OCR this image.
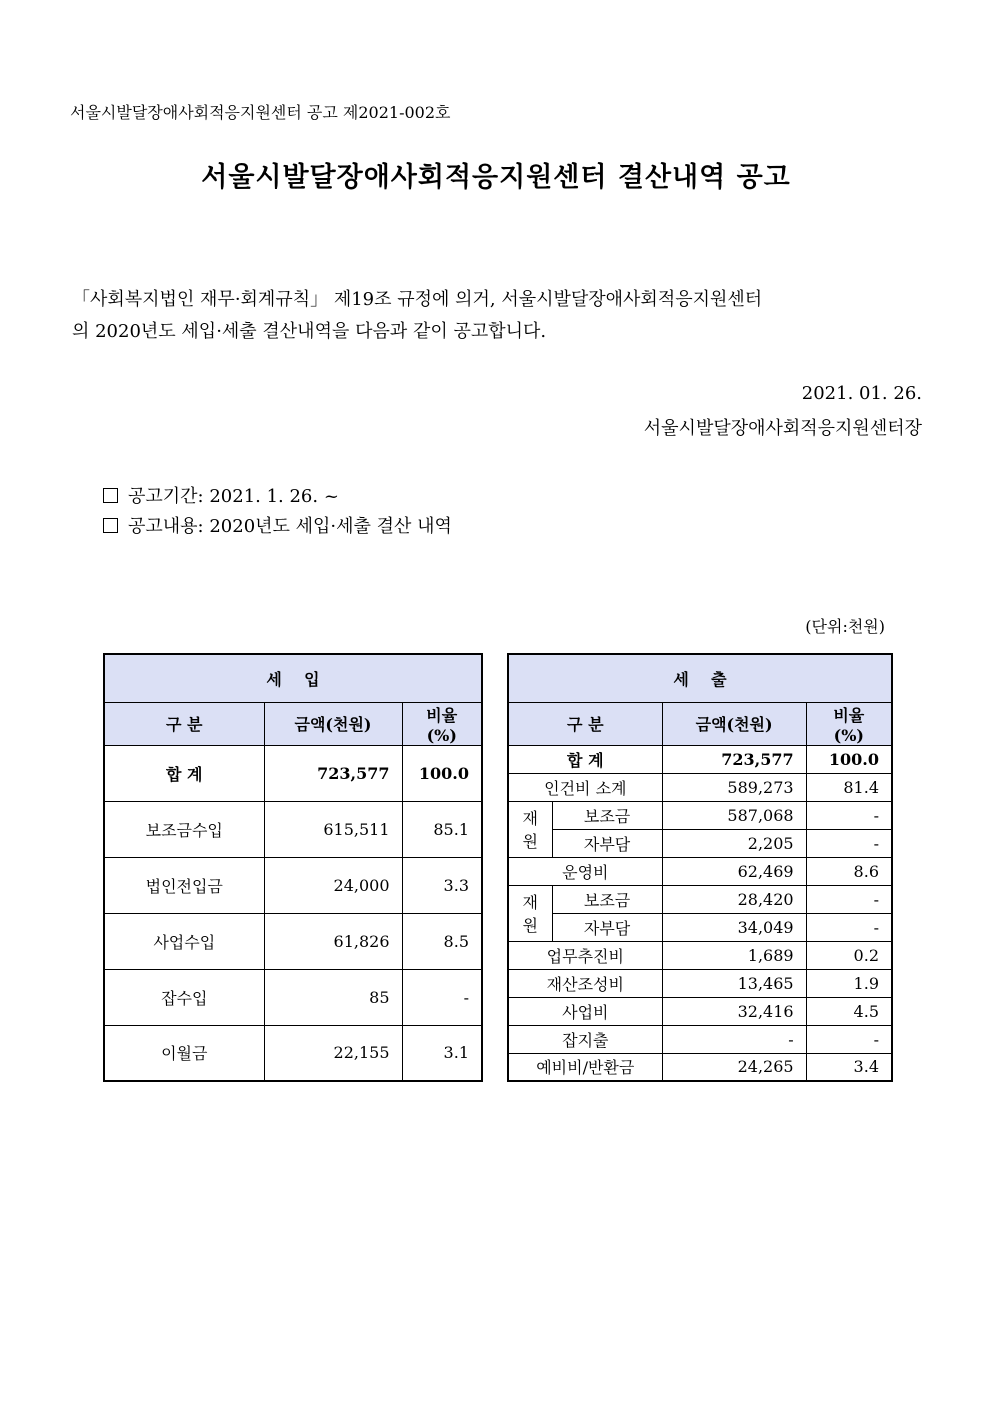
서울시발달장애사회적응지원센터 공고 제2021-002호
서울시발달장애사회적응지원센터 결산내역 공고
「사회복지법인 재무·회계규칙」 제19조 규정에 의거, 서울시발달장애사회적응지원센터
의 2020년도 세입·세출 결산내역을 다음과 같이 공고합니다.
2021. 01. 26.
서울시발달장애사회적응지원센터장
공고기간: 2021. 1. 26. ~
공고내용: 2020년도 세입·세출 결산 내역
(단위:천원)
세    입		
구 분	금액(천원)	비율(%)
합 계	723,577	100.0
보조금수입	615,511	85.1
법인전입금	24,000	3.3
사업수입	61,826	8.5
잡수입	85	-
이월금	22,155	3.1
세    출			
구 분		금액(천원)	비율(%)
합 계		723,577	100.0
인건비 소계		589,273	81.4
재원	보조금	587,068	-
	자부담	2,205	-
운영비		62,469	8.6
재원	보조금	28,420	-
	자부담	34,049	-
업무추진비		1,689	0.2
재산조성비		13,465	1.9
사업비		32,416	4.5
잡지출		-	-
예비비/반환금		24,265	3.4
